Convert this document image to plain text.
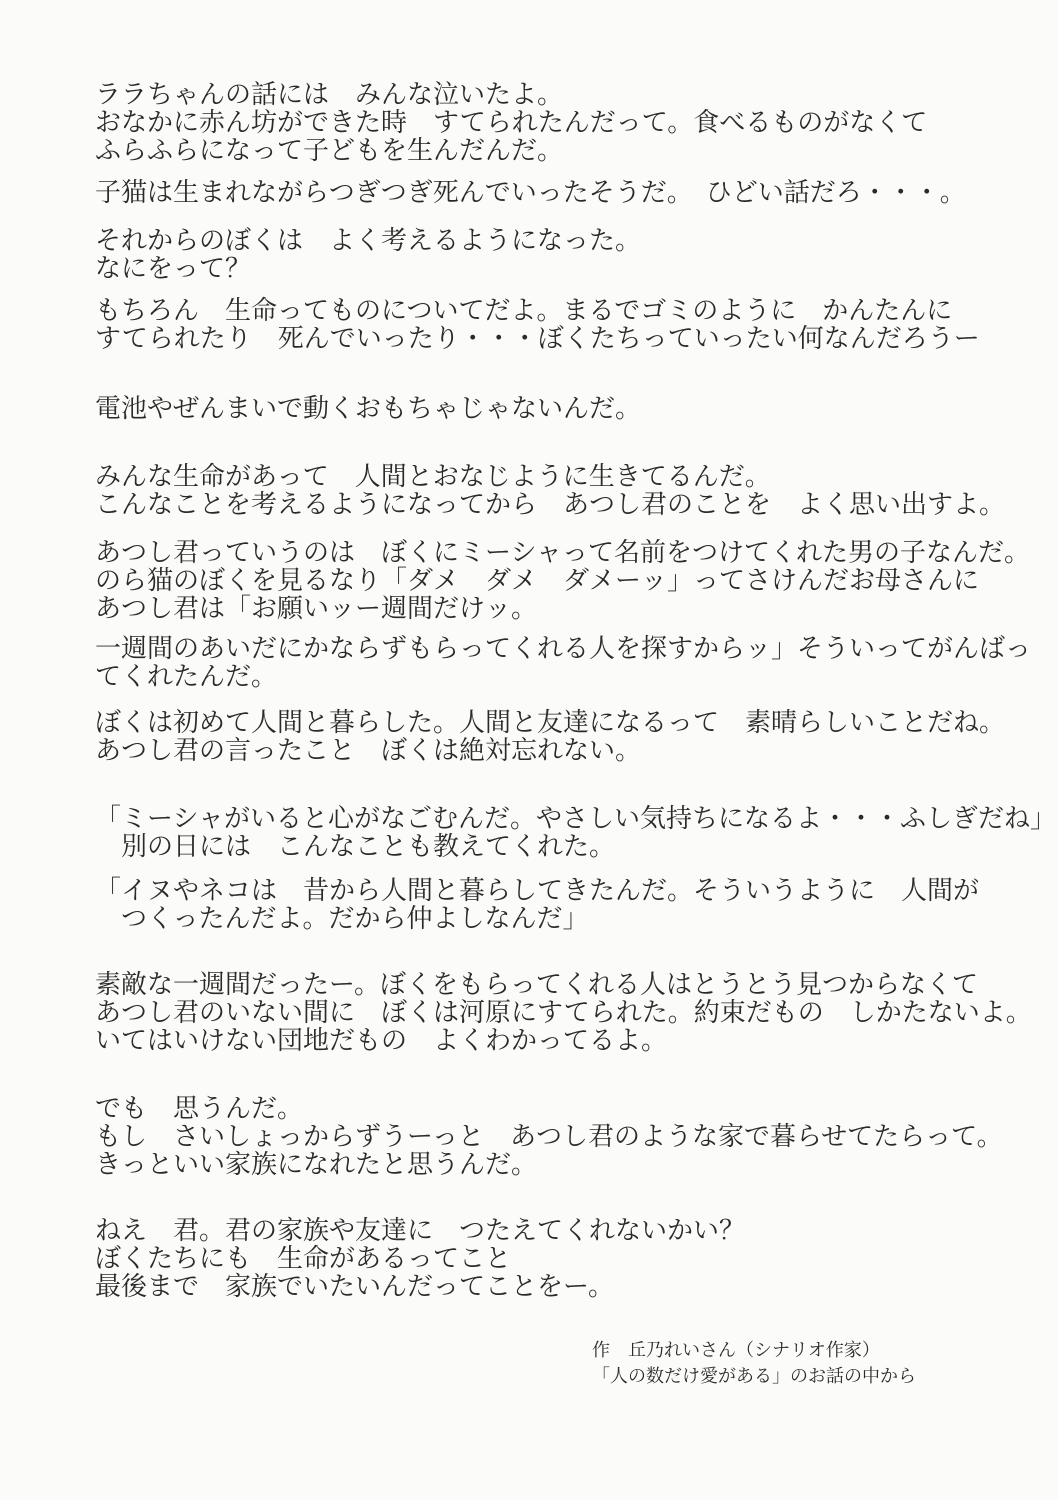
ララちゃんの話には　みんな泣いたよ。

おなかに赤ん坊ができた時　すてられたんだって。食べるものがなくて

ふらふらになって子どもを生んだんだ。

子猫は生まれながらつぎつぎ死んでいったそうだ。　ひどい話だろ・・・。

それからのぼくは　よく考えるようになった。

なにをって？

もちろん　生命ってものについてだよ。まるでゴミのように　かんたんに

すてられたり　死んでいったり・・・ぼくたちっていったい何なんだろうー

電池やぜんまいで動くおもちゃじゃないんだ。

みんな生命があって　人間とおなじように生きてるんだ。

こんなことを考えるようになってから　あつし君のことを　よく思い出すよ。

あつし君っていうのは　ぼくにミーシャって名前をつけてくれた男の子なんだ。

のら猫のぼくを見るなり「ダメ　ダメ　ダメーッ」ってさけんだお母さんに

あつし君は「お願いッー週間だけッ。

一週間のあいだにかならずもらってくれる人を探すからッ」そういってがんばっ

てくれたんだ。

ぼくは初めて人間と暮らした。人間と友達になるって　素晴らしいことだね。

あつし君の言ったこと　ぼくは絶対忘れない。

「ミーシャがいると心がなごむんだ。やさしい気持ちになるよ・・・ふしぎだね」

　別の日には　こんなことも教えてくれた。

「イヌやネコは　昔から人間と暮らしてきたんだ。そういうように　人間が

　つくったんだよ。だから仲よしなんだ」

素敵な一週間だったー。ぼくをもらってくれる人はとうとう見つからなくて

あつし君のいない間に　ぼくは河原にすてられた。約束だもの　しかたないよ。

いてはいけない団地だもの　よくわかってるよ。

でも　思うんだ。

もし　さいしょっからずうーっと　あつし君のような家で暮らせてたらって。

きっといい家族になれたと思うんだ。

ねえ　君。君の家族や友達に　つたえてくれないかい？

ぼくたちにも　生命があるってこと

最後まで　家族でいたいんだってことをー。

作　丘乃れいさん（シナリオ作家）

「人の数だけ愛がある」のお話の中から
